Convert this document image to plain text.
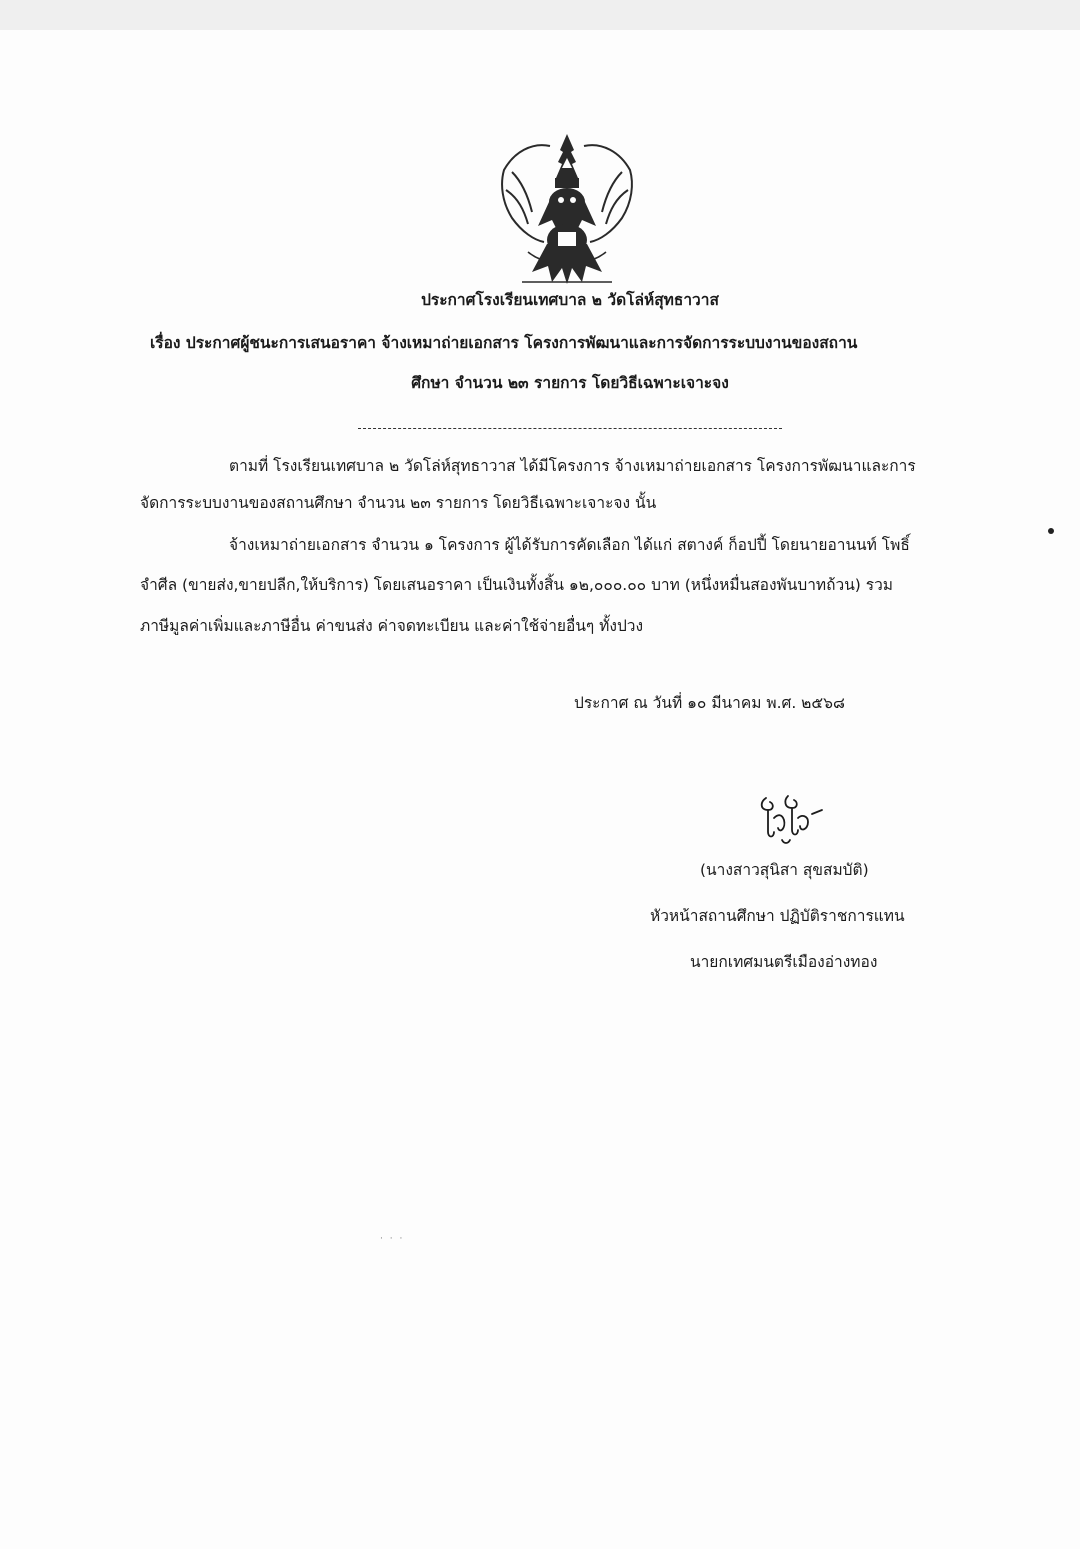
ประกาศโรงเรียนเทศบาล ๒ วัดโล่ห์สุทธาวาส
เรื่อง ประกาศผู้ชนะการเสนอราคา จ้างเหมาถ่ายเอกสาร โครงการพัฒนาและการจัดการระบบงานของสถาน
ศึกษา จำนวน ๒๓ รายการ โดยวิธีเฉพาะเจาะจง
ตามที่ โรงเรียนเทศบาล ๒ วัดโล่ห์สุทธาวาส ได้มีโครงการ จ้างเหมาถ่ายเอกสาร โครงการพัฒนาและการ
จัดการระบบงานของสถานศึกษา จำนวน ๒๓ รายการ โดยวิธีเฉพาะเจาะจง นั้น
จ้างเหมาถ่ายเอกสาร จำนวน ๑ โครงการ ผู้ได้รับการคัดเลือก ได้แก่ สตางค์ ก็อปปี้ โดยนายอานนท์ โพธิ์
จำศีล (ขายส่ง,ขายปลีก,ให้บริการ) โดยเสนอราคา เป็นเงินทั้งสิ้น ๑๒,๐๐๐.๐๐ บาท (หนึ่งหมื่นสองพันบาทถ้วน) รวม
ภาษีมูลค่าเพิ่มและภาษีอื่น ค่าขนส่ง ค่าจดทะเบียน และค่าใช้จ่ายอื่นๆ ทั้งปวง
ประกาศ ณ วันที่ ๑๐ มีนาคม พ.ศ. ๒๕๖๘
(นางสาวสุนิสา สุขสมบัติ)
หัวหน้าสถานศึกษา ปฏิบัติราชการแทน
นายกเทศมนตรีเมืองอ่างทอง
⋅ ⋅ ⋅
